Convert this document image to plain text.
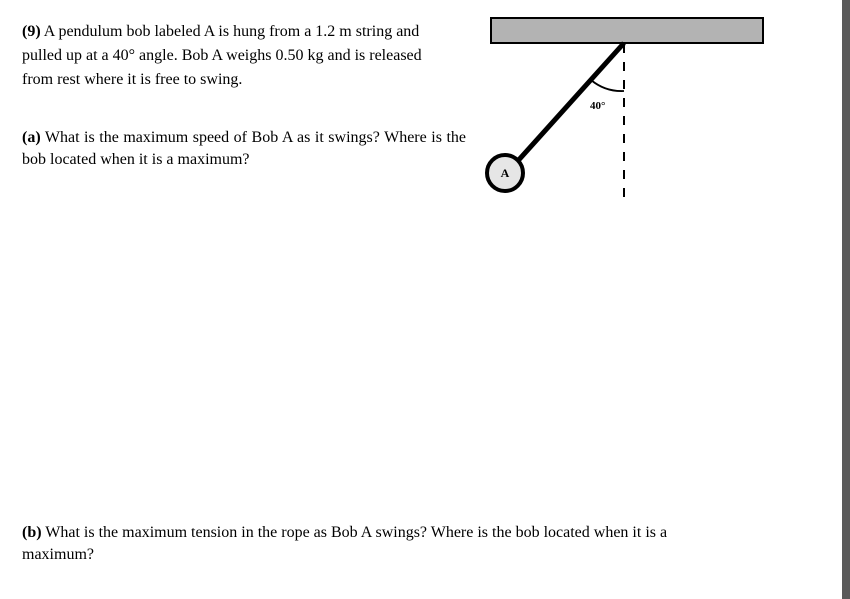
(9) A pendulum bob labeled A is hung from a 1.2 m string and pulled up at a 40° angle. Bob A weighs 0.50 kg and is released from rest where it is free to swing.
(a) What is the maximum speed of Bob A as it swings? Where is the bob located when it is a maximum?
40°
A
(b) What is the maximum tension in the rope as Bob A swings? Where is the bob located when it is a maximum?
